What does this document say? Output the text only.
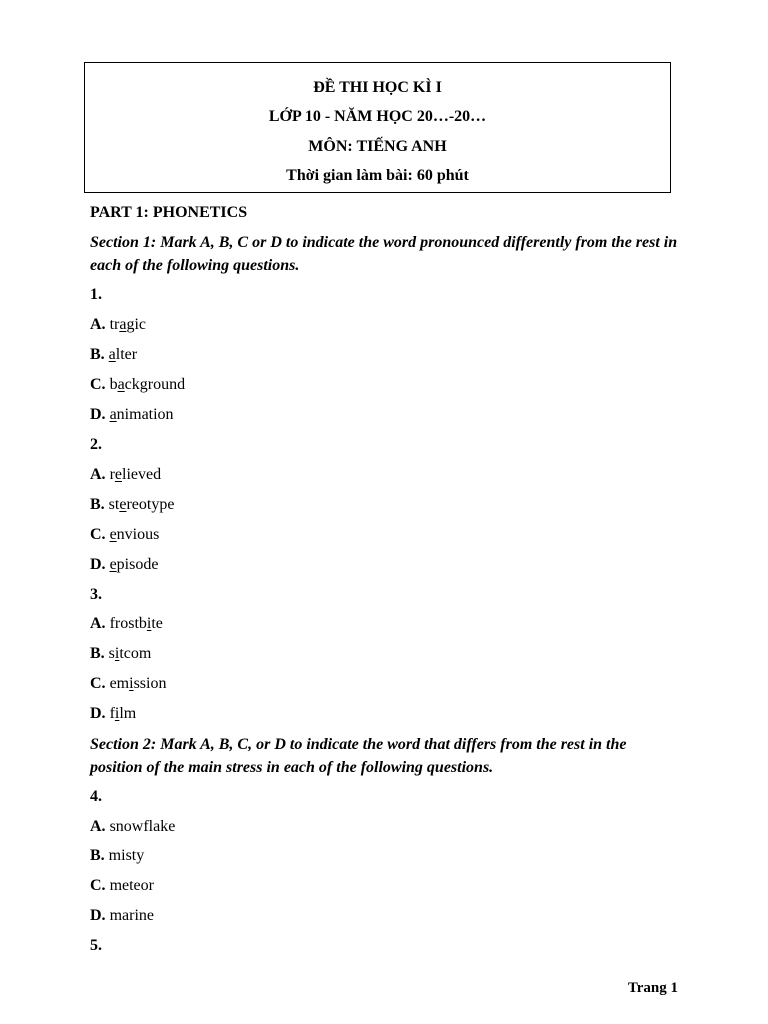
ĐỀ THI HỌC KÌ I
LỚP 10 - NĂM HỌC 20…-20…
MÔN: TIẾNG ANH
Thời gian làm bài: 60 phút
PART 1: PHONETICS
Section 1: Mark A, B, C or D to indicate the word pronounced differently from the rest in each of the following questions.
1.
A. tragic
B. alter
C. background
D. animation
2.
A. relieved
B. stereotype
C. envious
D. episode
3.
A. frostbite
B. sitcom
C. emission
D. film
Section 2: Mark A, B, C, or D to indicate the word that differs from the rest in the position of the main stress in each of the following questions.
4.
A. snowflake
B. misty
C. meteor
D. marine
5.
Trang 1
